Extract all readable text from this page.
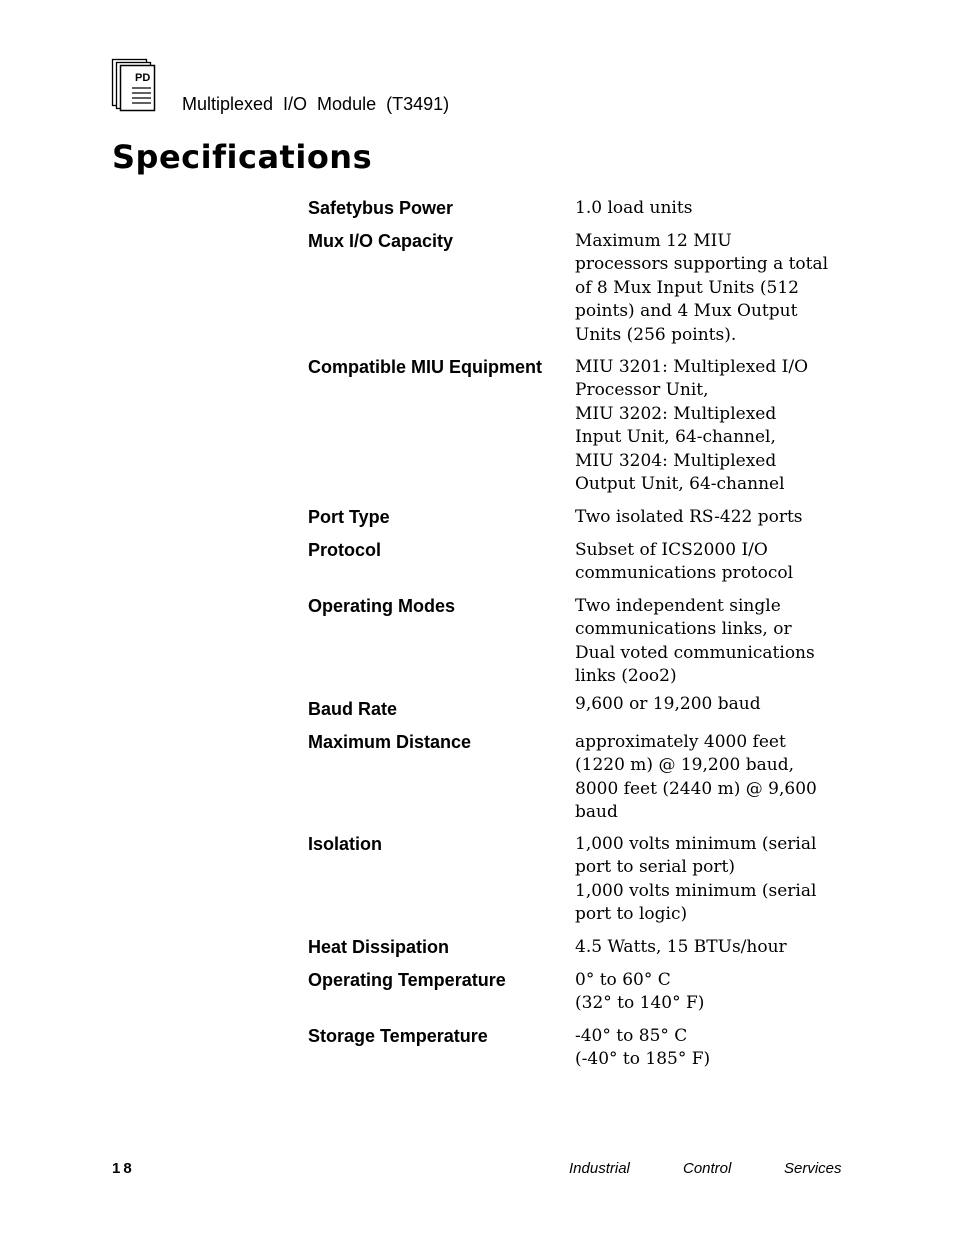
PD
Multiplexed I/O Module (T3491)
Specifications
Safetybus Power	1.0 load units
Mux I/O Capacity	Maximum 12 MIU
processors supporting a total
of 8 Mux Input Units (512
points) and 4 Mux Output
Units (256 points).
Compatible MIU Equipment MIU 3201: Multiplexed I/O
Processor Unit,
MIU 3202: Multiplexed
Input Unit, 64-channel,
MIU 3204: Multiplexed
Output Unit, 64-channel
Port Type	Two isolated RS-422 ports
Protocol	Subset of ICS2000 I/O
communications protocol
Operating Modes	Two independent single
communications links, or
Dual voted communications
links (2oo2)
Baud Rate	9,600 or 19,200 baud
Maximum Distance	approximately 4000 feet
(1220 m) @ 19,200 baud,
8000 feet (2440 m) @ 9,600
baud
Isolation	1,000 volts minimum (serial
port to serial port)
1,000 volts minimum (serial
port to logic)
Heat Dissipation	4.5 Watts, 15 BTUs/hour
Operating Temperature	0° to 60° C
(32° to 140° F)
Storage Temperature	-40° to 85° C
(-40° to 185° F)
18	Industrial	Control	Services
